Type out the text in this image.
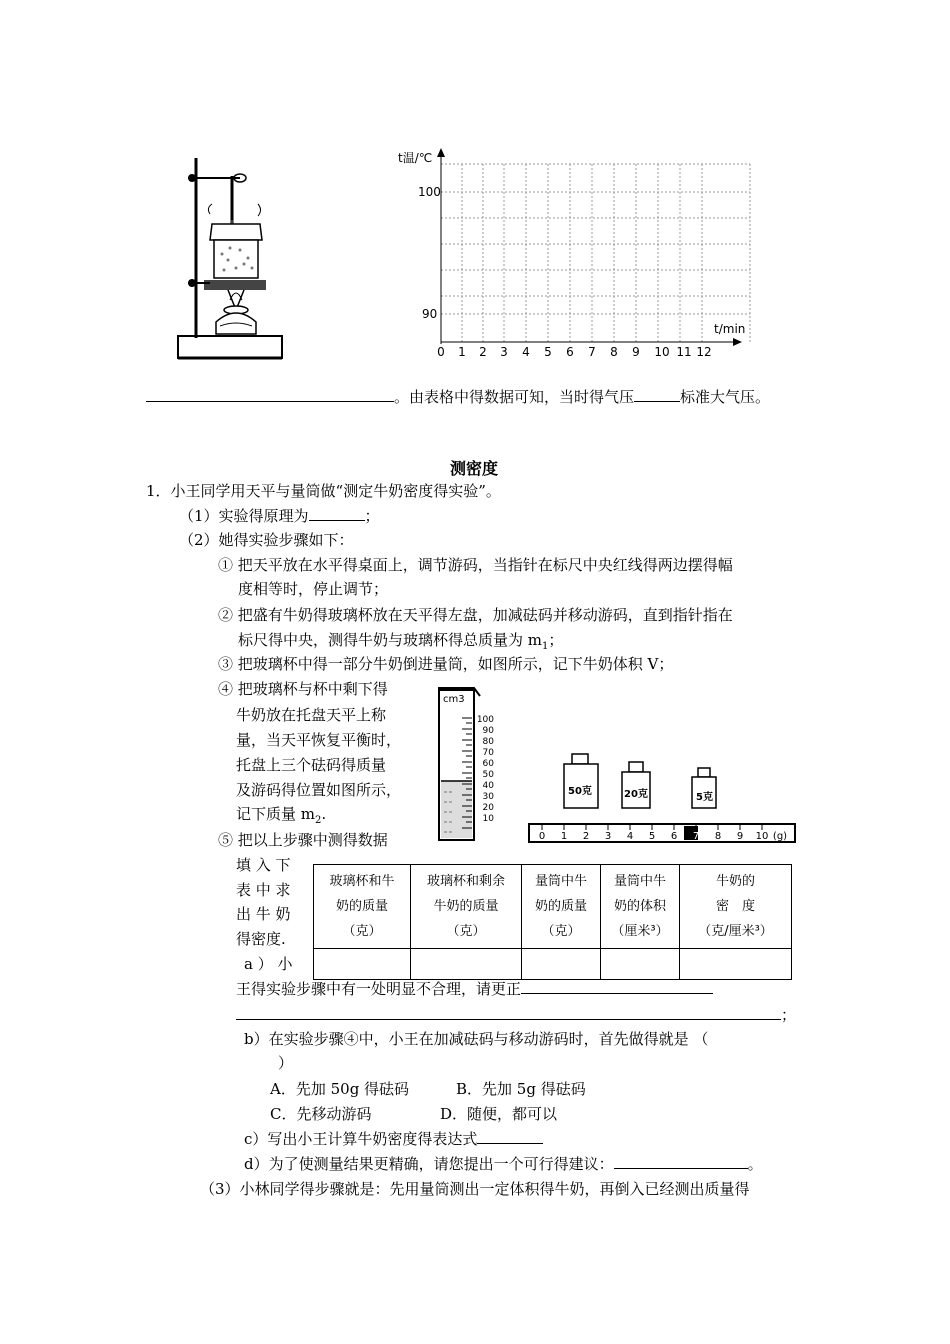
t温/℃
t/min
100
90
0 1 2 3 4 5 6 7 8 9 10 11 12
。由表格中得数据可知，当时得气压	标准大气压。
测密度
1．小王同学用天平与量筒做“测定牛奶密度得实验”。
（1）实验得原理为	；
（2）她得实验步骤如下：
① 把天平放在水平得桌面上，调节游码，当指针在标尺中央红线得两边摆得幅
度相等时，停止调节；
② 把盛有牛奶得玻璃杯放在天平得左盘，加减砝码并移动游码，直到指针指在
标尺得中央，测得牛奶与玻璃杯得总质量为 $m_1$；
③ 把玻璃杯中得一部分牛奶倒进量筒，如图所示，记下牛奶体积 V；
④ 把玻璃杯与杯中剩下得
牛奶放在托盘天平上称
量，当天平恢复平衡时，
托盘上三个砝码得质量
及游码得位置如图所示，
记下质量 $m_2$.
⑤ 把以上步骤中测得数据
填 入 下
表 中 求
出 牛 奶
得密度.
a ） 小
cm3
100
90
80
70
60
50
40
30
20
10
50克	20克	5克
0 1 2 3 4 5 6 7 8 9 10 (g)
玻璃杯和牛
奶的质量
（克）	玻璃杯和剩余
牛奶的质量
（克）	量筒中牛
奶的质量
（克）	量筒中牛
奶的体积
（厘米³）	牛奶的
密　度
（克/厘米³）

王得实验步骤中有一处明显不合理，请更正
；
b）在实验步骤④中，小王在加减砝码与移动游码时，首先做得就是 （
）
A．先加 50g 得砝码	B．先加 5g 得砝码
C．先移动游码	D．随便，都可以
c）写出小王计算牛奶密度得表达式
d）为了使测量结果更精确，请您提出一个可行得建议：	。
（3）小林同学得步骤就是：先用量筒测出一定体积得牛奶，再倒入已经测出质量得
